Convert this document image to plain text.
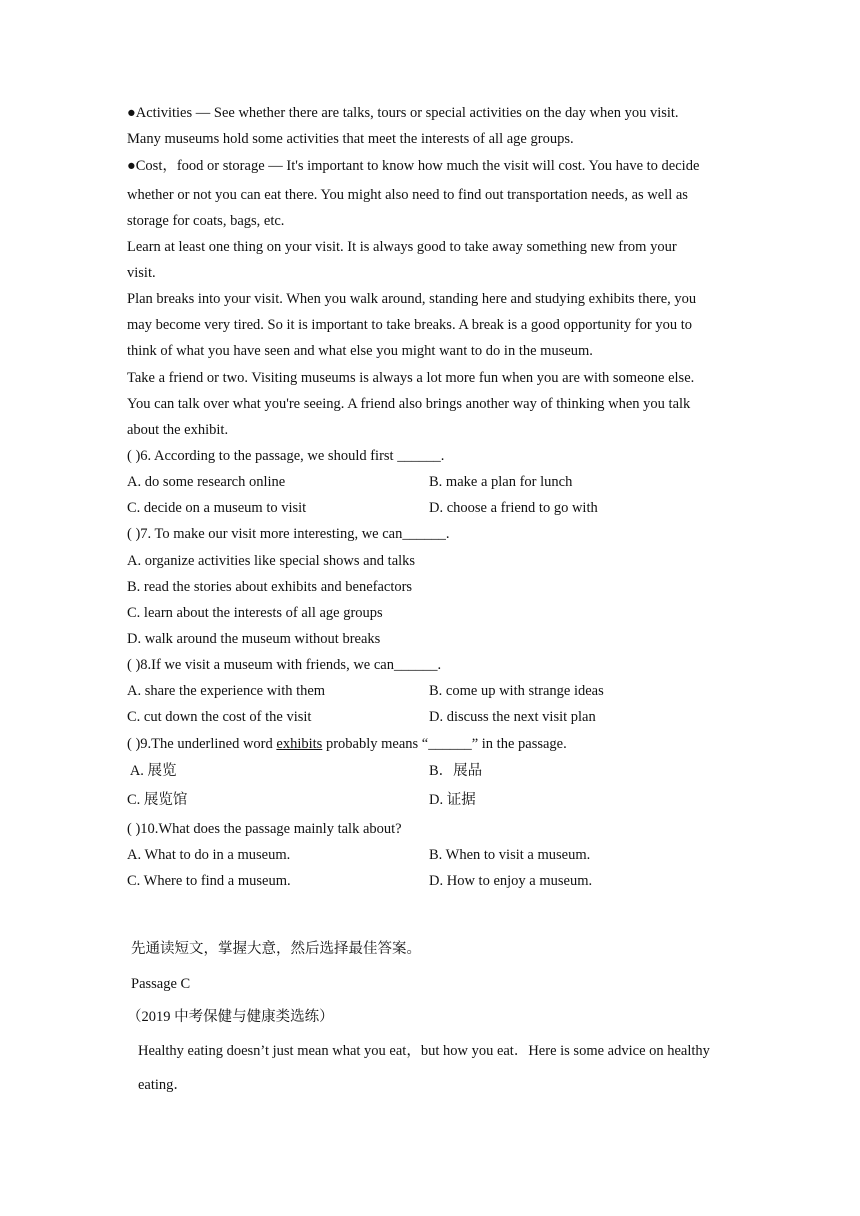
●Activities — See whether there are talks, tours or special activities on the day when you visit.
Many museums hold some activities that meet the interests of all age groups.
●Cost，food or storage — It's important to know how much the visit will cost. You have to decide
whether or not you can eat there. You might also need to find out transportation needs, as well as
storage for coats, bags, etc.
Learn at least one thing on your visit. It is always good to take away something new from your
visit.
Plan breaks into your visit. When you walk around, standing here and studying exhibits there, you
may become very tired. So it is important to take breaks. A break is a good opportunity for you to
think of what you have seen and what else you might want to do in the museum.
Take a friend or two. Visiting museums is always a lot more fun when you are with someone else.
You can talk over what you're seeing. A friend also brings another way of thinking when you talk
about the exhibit.
( )6. According to the passage, we should first ______.
A. do some research online	B. make a plan for lunch
C. decide on a museum to visit	D. choose a friend to go with
( )7. To make our visit more interesting, we can______.
A. organize activities like special shows and talks
B. read the stories about exhibits and benefactors
C. learn about the interests of all age groups
D. walk around the museum without breaks
( )8.If we visit a museum with friends, we can______.
A. share the experience with them	B. come up with strange ideas
C. cut down the cost of the visit	D. discuss the next visit plan
( )9.The underlined word exhibits probably means “______” in the passage.
A. 展览	B．展品
C. 展览馆	D. 证据
( )10.What does the passage mainly talk about?
A. What to do in a museum.	B. When to visit a museum.
C. Where to find a museum.	D. How to enjoy a museum.
先通读短文，掌握大意，然后选择最佳答案。
Passage C
（2019 中考保健与健康类选练）
Healthy eating doesn’t just mean what you eat，but how you eat．Here is some advice on healthy
eating．
